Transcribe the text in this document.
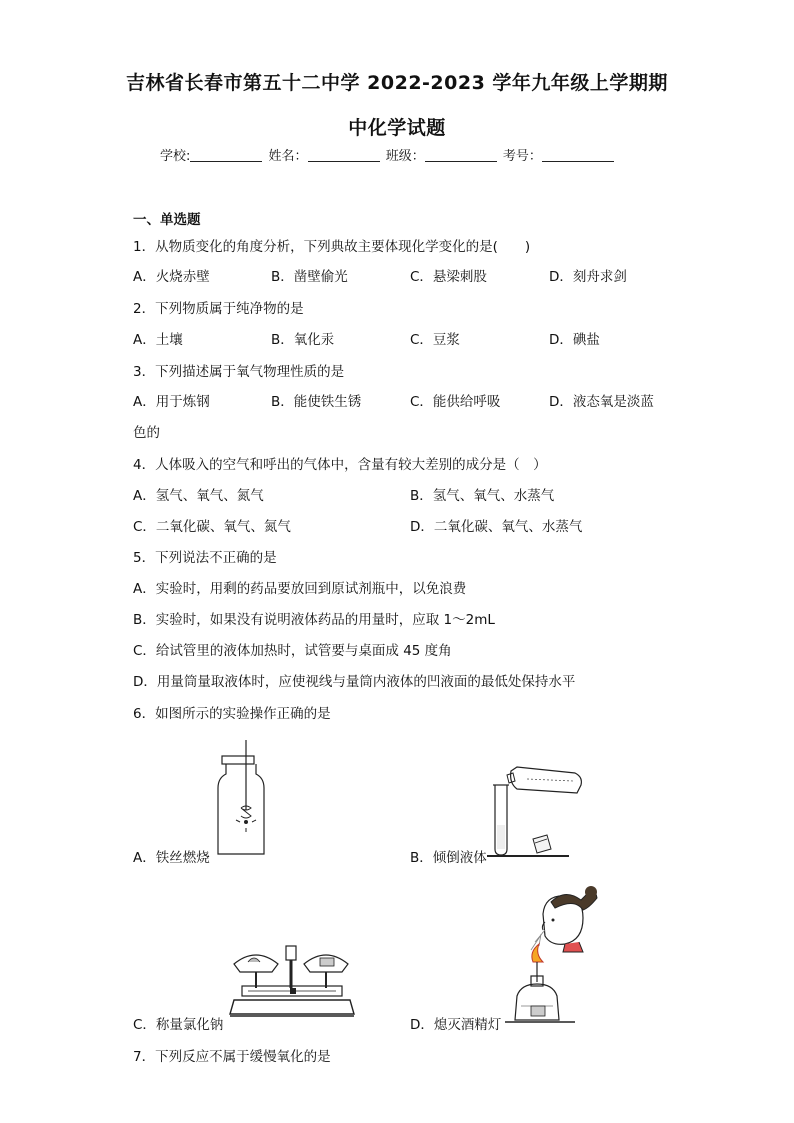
吉林省长春市第五十二中学 2022-2023 学年九年级上学期期
中化学试题
学校:	姓名：	班级：	考号：
一、单选题
1．从物质变化的角度分析，下列典故主要体现化学变化的是(　　)
A．火烧赤壁	B．凿壁偷光	C．悬梁刺股	D．刻舟求剑
2．下列物质属于纯净物的是
A．土壤	B．氧化汞	C．豆浆	D．碘盐
3．下列描述属于氧气物理性质的是
A．用于炼钢	B．能使铁生锈	C．能供给呼吸	D．液态氧是淡蓝
色的
4．人体吸入的空气和呼出的气体中，含量有较大差别的成分是（　）
A．氢气、氧气、氮气	B．氢气、氧气、水蒸气
C．二氧化碳、氧气、氮气	D．二氧化碳、氧气、水蒸气
5．下列说法不正确的是
A．实验时，用剩的药品要放回到原试剂瓶中，以免浪费
B．实验时，如果没有说明液体药品的用量时，应取 1～2mL
C．给试管里的液体加热时，试管要与桌面成 45 度角
D．用量筒量取液体时，应使视线与量筒内液体的凹液面的最低处保持水平
6．如图所示的实验操作正确的是
A．铁丝燃烧	B．倾倒液体
C．称量氯化钠	D．熄灭酒精灯
7．下列反应不属于缓慢氧化的是
